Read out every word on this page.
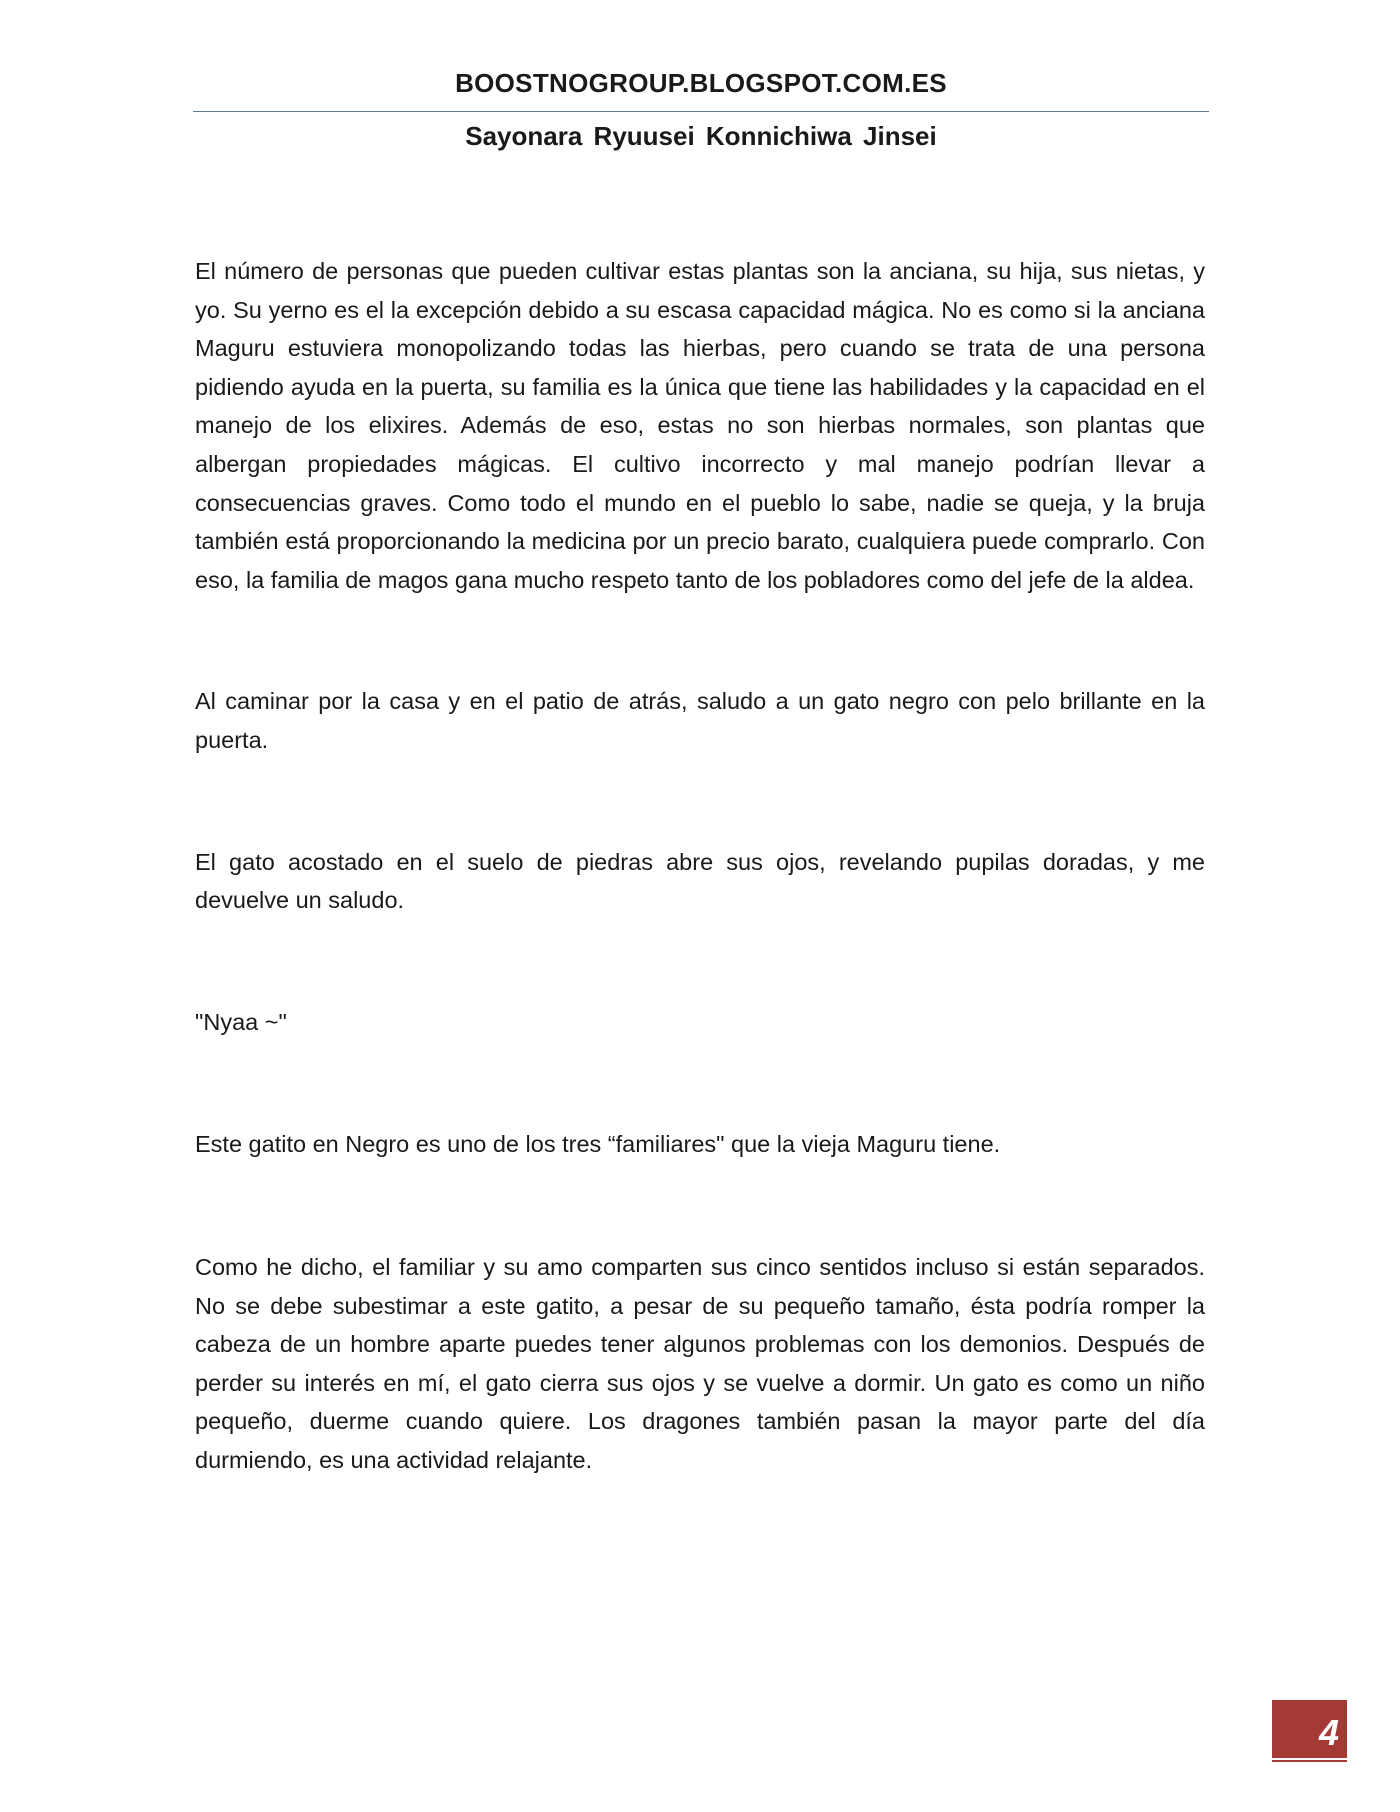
BOOSTNOGROUP.BLOGSPOT.COM.ES
Sayonara Ryuusei Konnichiwa Jinsei

El número de personas que pueden cultivar estas plantas son la anciana, su hija, sus nietas, y yo. Su yerno es el la excepción debido a su escasa capacidad mágica. No es como si la anciana Maguru estuviera monopolizando todas las hierbas, pero cuando se trata de una persona pidiendo ayuda en la puerta, su familia es la única que tiene las habilidades y la capacidad en el manejo de los elixires. Además de eso, estas no son hierbas normales, son plantas que albergan propiedades mágicas. El cultivo incorrecto y mal manejo podrían llevar a consecuencias graves. Como todo el mundo en el pueblo lo sabe, nadie se queja, y la bruja también está proporcionando la medicina por un precio barato, cualquiera puede comprarlo. Con eso, la familia de magos gana mucho respeto tanto de los pobladores como del jefe de la aldea.

Al caminar por la casa y en el patio de atrás, saludo a un gato negro con pelo brillante en la puerta.

El gato acostado en el suelo de piedras abre sus ojos, revelando pupilas doradas, y me devuelve un saludo.

"Nyaa ~"

Este gatito en Negro es uno de los tres “familiares" que la vieja Maguru tiene.

Como he dicho, el familiar y su amo comparten sus cinco sentidos incluso si están separados. No se debe subestimar a este gatito, a pesar de su pequeño tamaño, ésta podría romper la cabeza de un hombre aparte puedes tener algunos problemas con los demonios. Después de perder su interés en mí, el gato cierra sus ojos y se vuelve a dormir. Un gato es como un niño pequeño, duerme cuando quiere. Los dragones también pasan la mayor parte del día durmiendo, es una actividad relajante.

4
